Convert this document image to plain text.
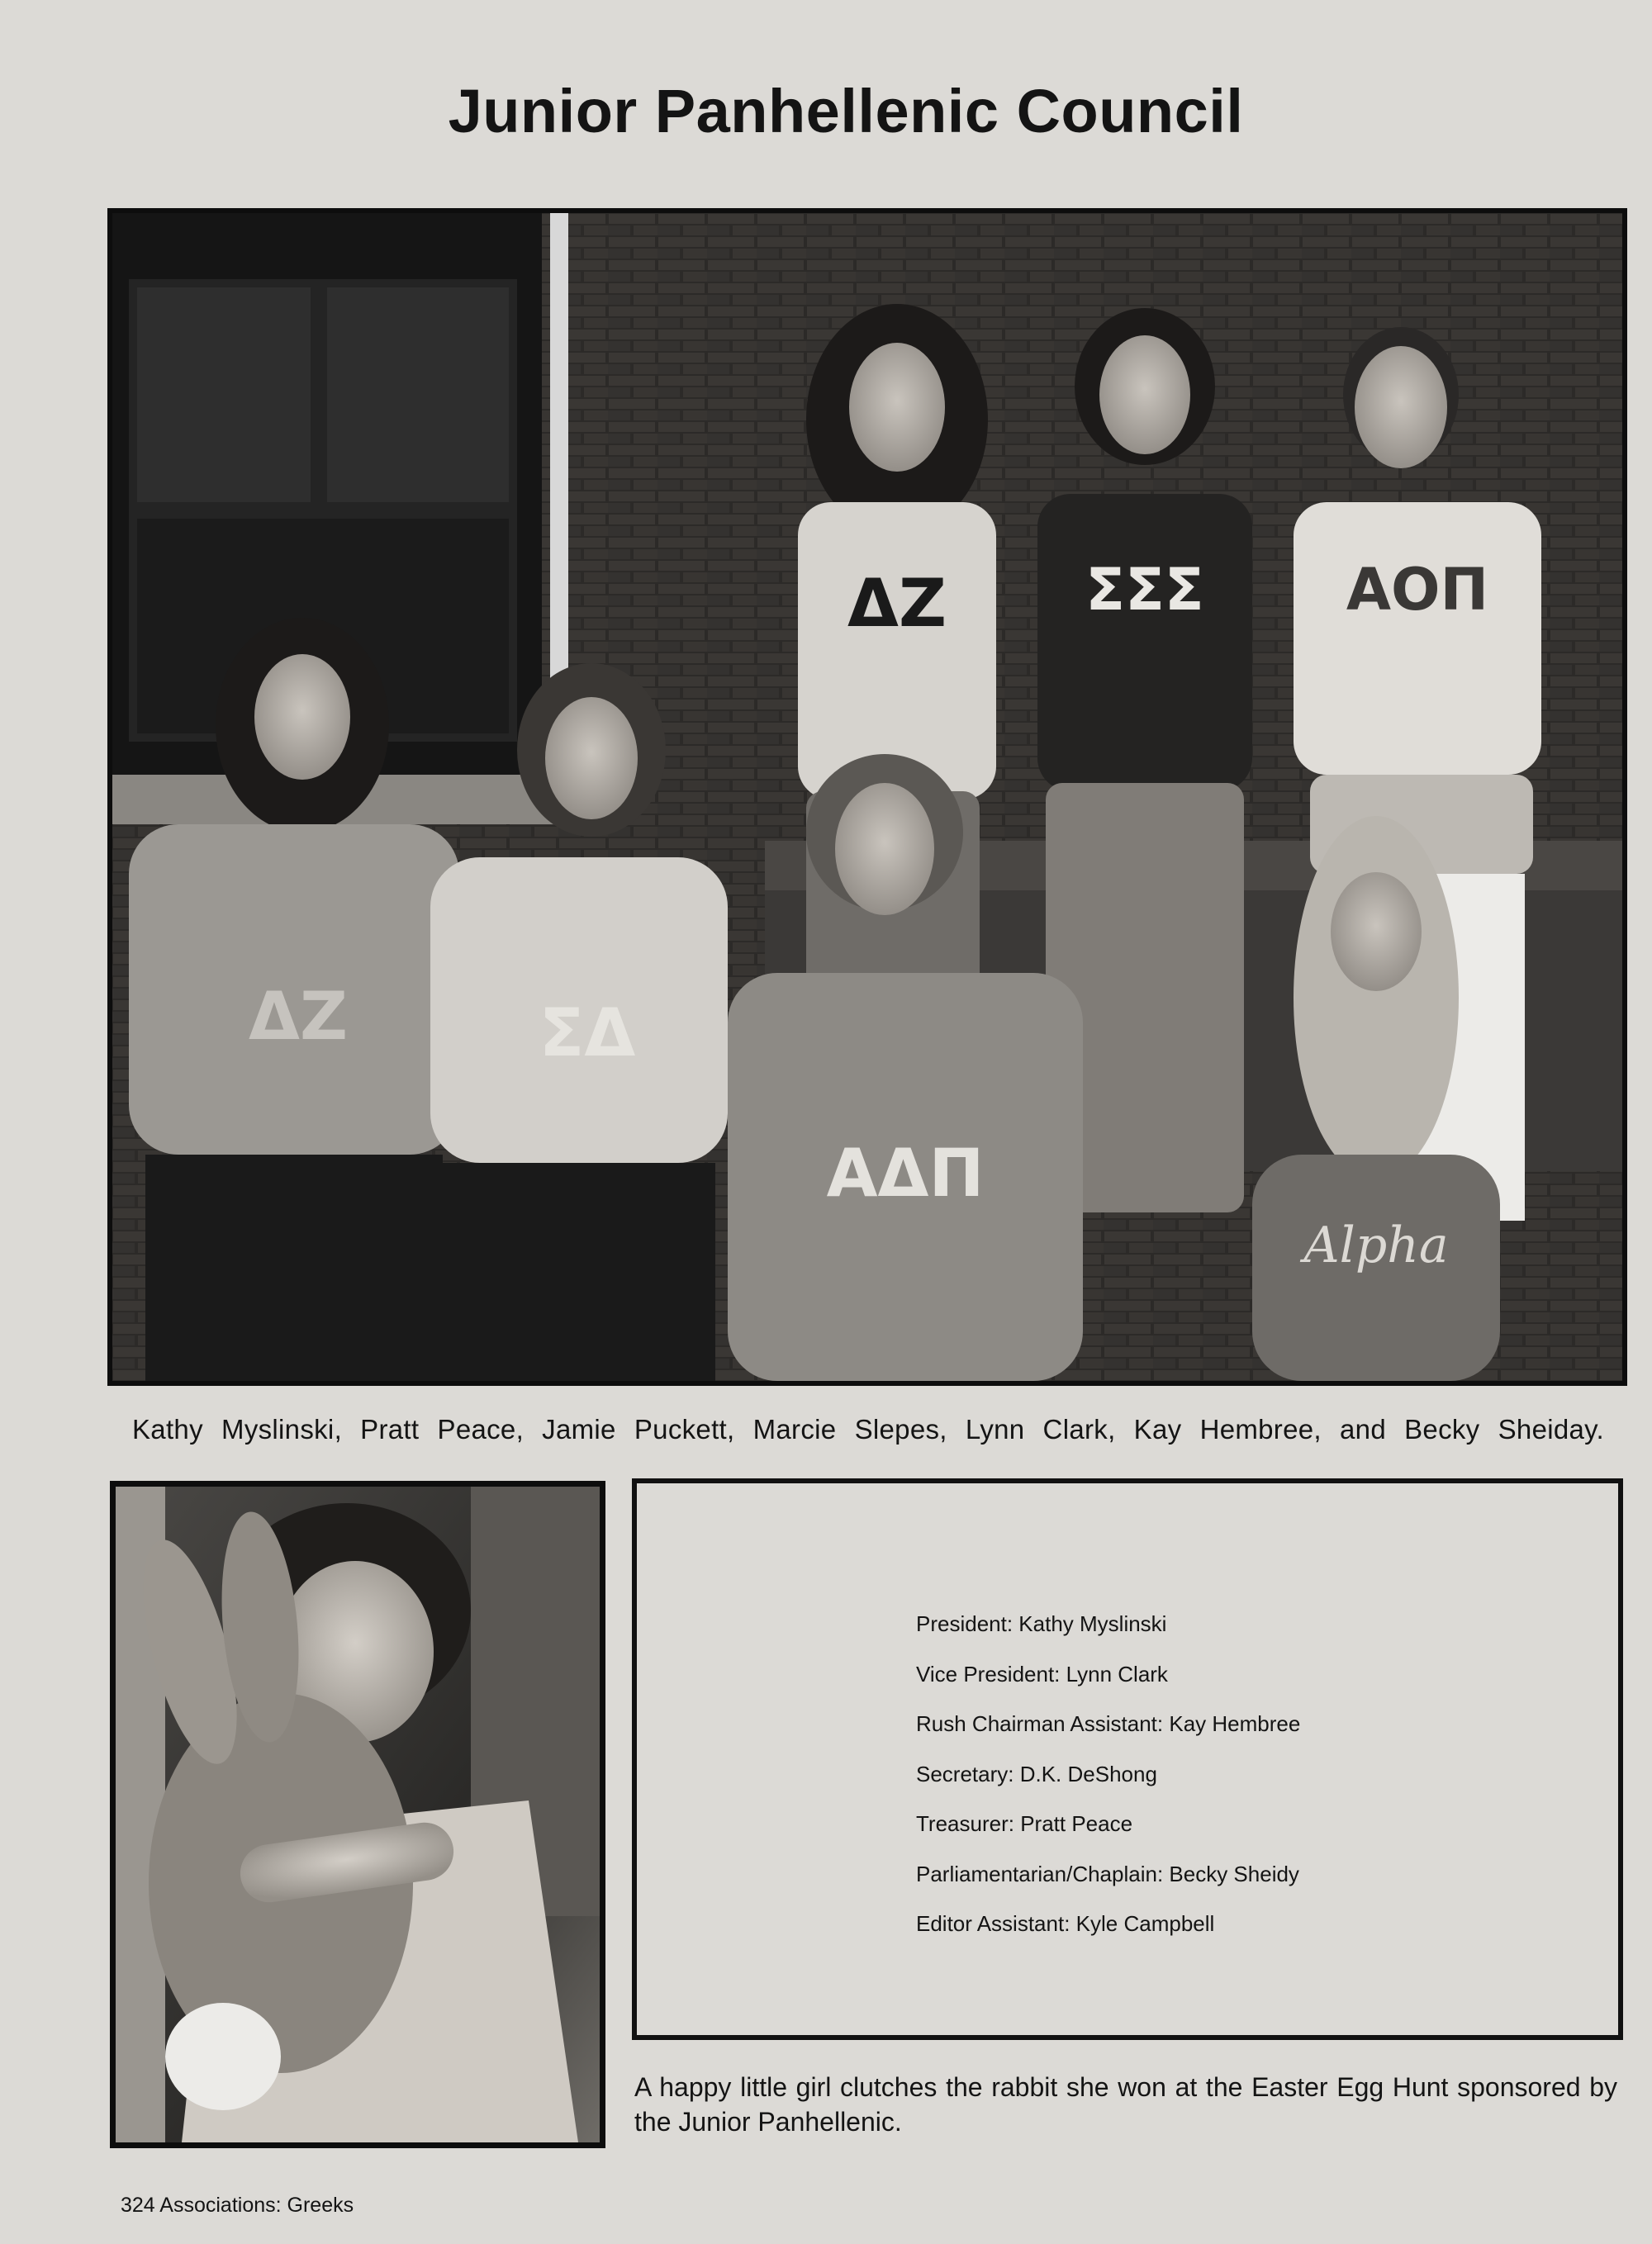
Junior Panhellenic Council
ΔZ ΣΣΣ AOΠ
ΔZ	ΣΔ
AΔΠ
Alpha
Kathy Myslinski, Pratt Peace, Jamie Puckett, Marcie Slepes, Lynn Clark, Kay Hembree, and Becky Sheiday.
President: Kathy Myslinski
Vice President: Lynn Clark
Rush Chairman Assistant: Kay Hembree
Secretary: D.K. DeShong
Treasurer: Pratt Peace
Parliamentarian/Chaplain: Becky Sheidy
Editor Assistant: Kyle Campbell
A happy little girl clutches the rabbit she won at the Easter Egg Hunt sponsored by the Junior Panhellenic.
324 Associations: Greeks
